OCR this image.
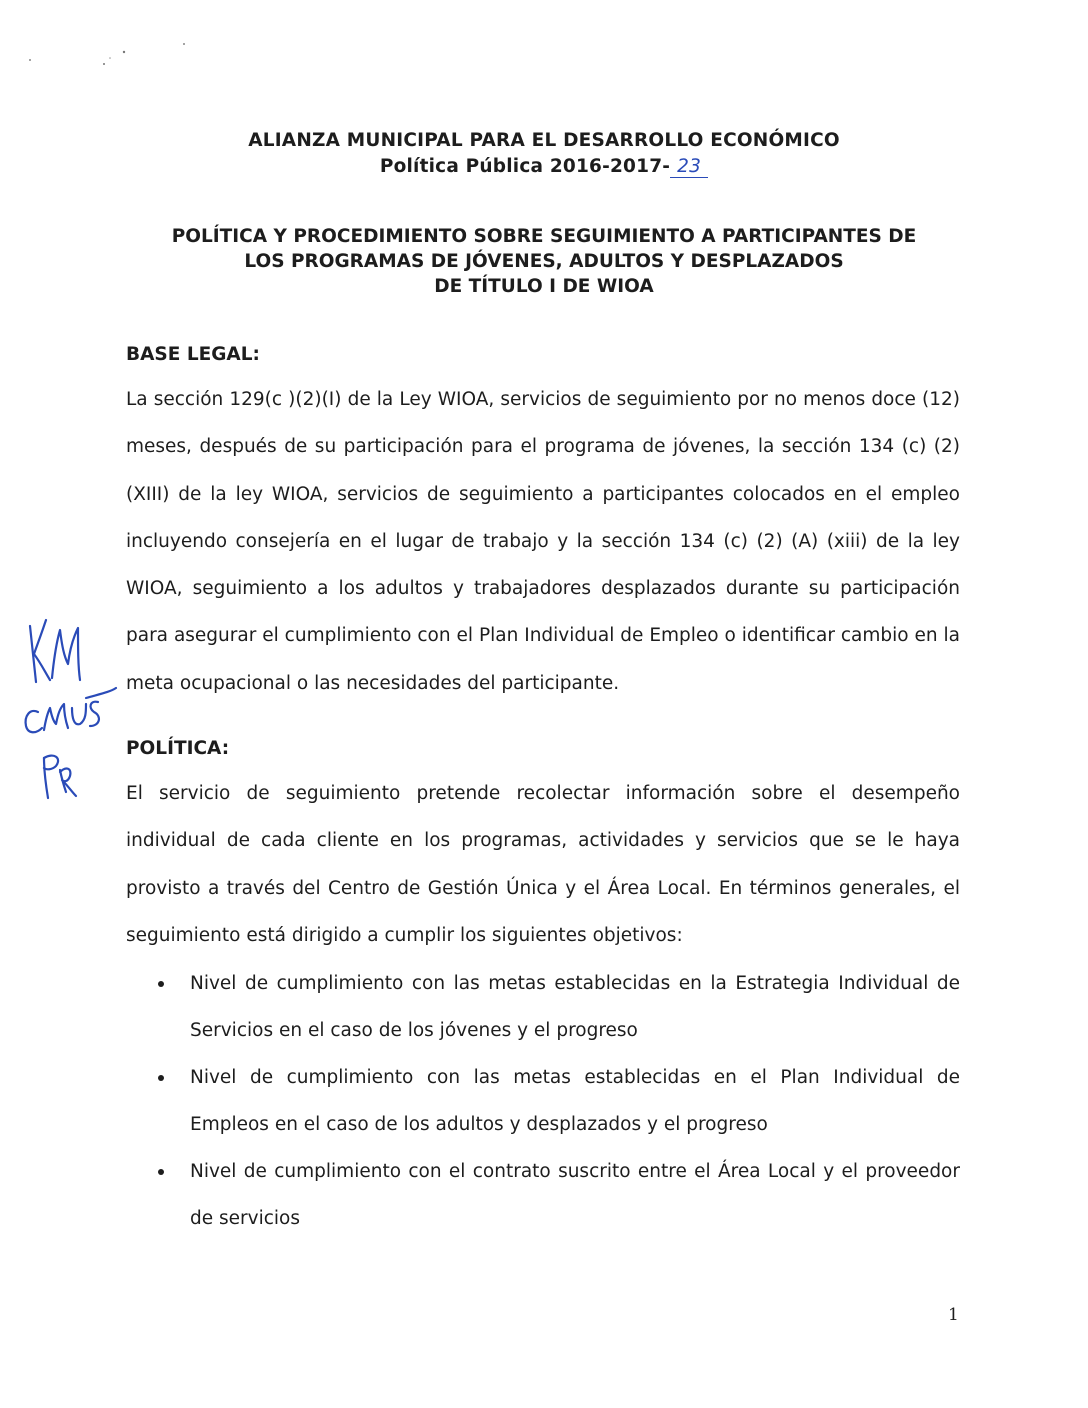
ALIANZA MUNICIPAL PARA EL DESARROLLO ECONÓMICO
Política Pública 2016-2017- 23
POLÍTICA Y PROCEDIMIENTO SOBRE SEGUIMIENTO A PARTICIPANTES DE
LOS PROGRAMAS DE JÓVENES, ADULTOS Y DESPLAZADOS
DE TÍTULO I DE WIOA
BASE LEGAL:
La sección 129(c )(2)(I) de la Ley WIOA, servicios de seguimiento por no menos doce (12) meses, después de su participación para el programa de jóvenes, la sección 134 (c) (2) (XIII) de la ley WIOA, servicios de seguimiento a participantes colocados en el empleo incluyendo consejería en el lugar de trabajo y la sección 134 (c) (2) (A) (xiii) de la ley WIOA, seguimiento a los adultos y trabajadores desplazados durante su participación para asegurar el cumplimiento con el Plan Individual de Empleo o identificar cambio en la meta ocupacional o las necesidades del participante.
POLÍTICA:
El servicio de seguimiento pretende recolectar información sobre el desempeño individual de cada cliente en los programas, actividades y servicios que se le haya provisto a través del Centro de Gestión Única y el Área Local. En términos generales, el seguimiento está dirigido a cumplir los siguientes objetivos:
Nivel de cumplimiento con las metas establecidas en la Estrategia Individual de Servicios en el caso de los jóvenes y el progreso
Nivel de cumplimiento con las metas establecidas en el Plan Individual de Empleos en el caso de los adultos y desplazados y el progreso
Nivel de cumplimiento con el contrato suscrito entre el Área Local y el proveedor de servicios
1
